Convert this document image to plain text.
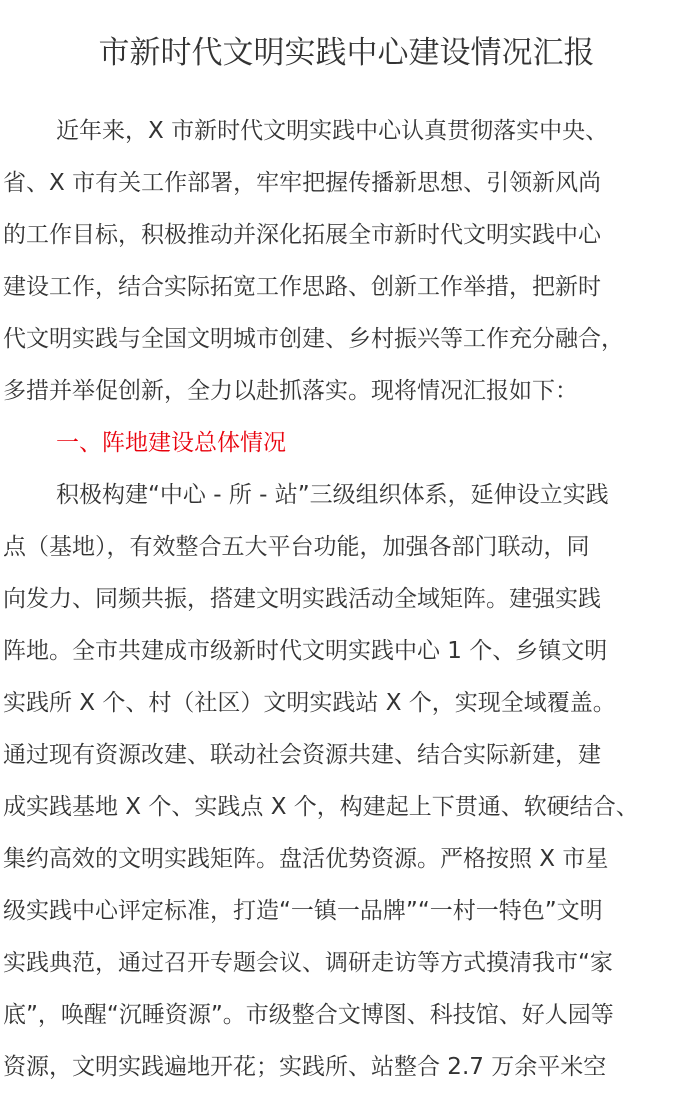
市新时代文明实践中心建设情况汇报
近年来，X 市新时代文明实践中心认真贯彻落实中央、
省、X 市有关工作部署，牢牢把握传播新思想、引领新风尚
的工作目标，积极推动并深化拓展全市新时代文明实践中心
建设工作，结合实际拓宽工作思路、创新工作举措，把新时
代文明实践与全国文明城市创建、乡村振兴等工作充分融合，
多措并举促创新，全力以赴抓落实。现将情况汇报如下：
一、阵地建设总体情况
积极构建“中心 - 所 - 站”三级组织体系，延伸设立实践
点（基地），有效整合五大平台功能，加强各部门联动，同
向发力、同频共振，搭建文明实践活动全域矩阵。建强实践
阵地。全市共建成市级新时代文明实践中心 1 个、乡镇文明
实践所 X 个、村（社区）文明实践站 X 个，实现全域覆盖。
通过现有资源改建、联动社会资源共建、结合实际新建，建
成实践基地 X 个、实践点 X 个，构建起上下贯通、软硬结合、
集约高效的文明实践矩阵。盘活优势资源。严格按照 X 市星
级实践中心评定标准，打造“一镇一品牌”“一村一特色”文明
实践典范，通过召开专题会议、调研走访等方式摸清我市“家
底”，唤醒“沉睡资源”。市级整合文博图、科技馆、好人园等
资源，文明实践遍地开花；实践所、站整合 2.7 万余平米空
